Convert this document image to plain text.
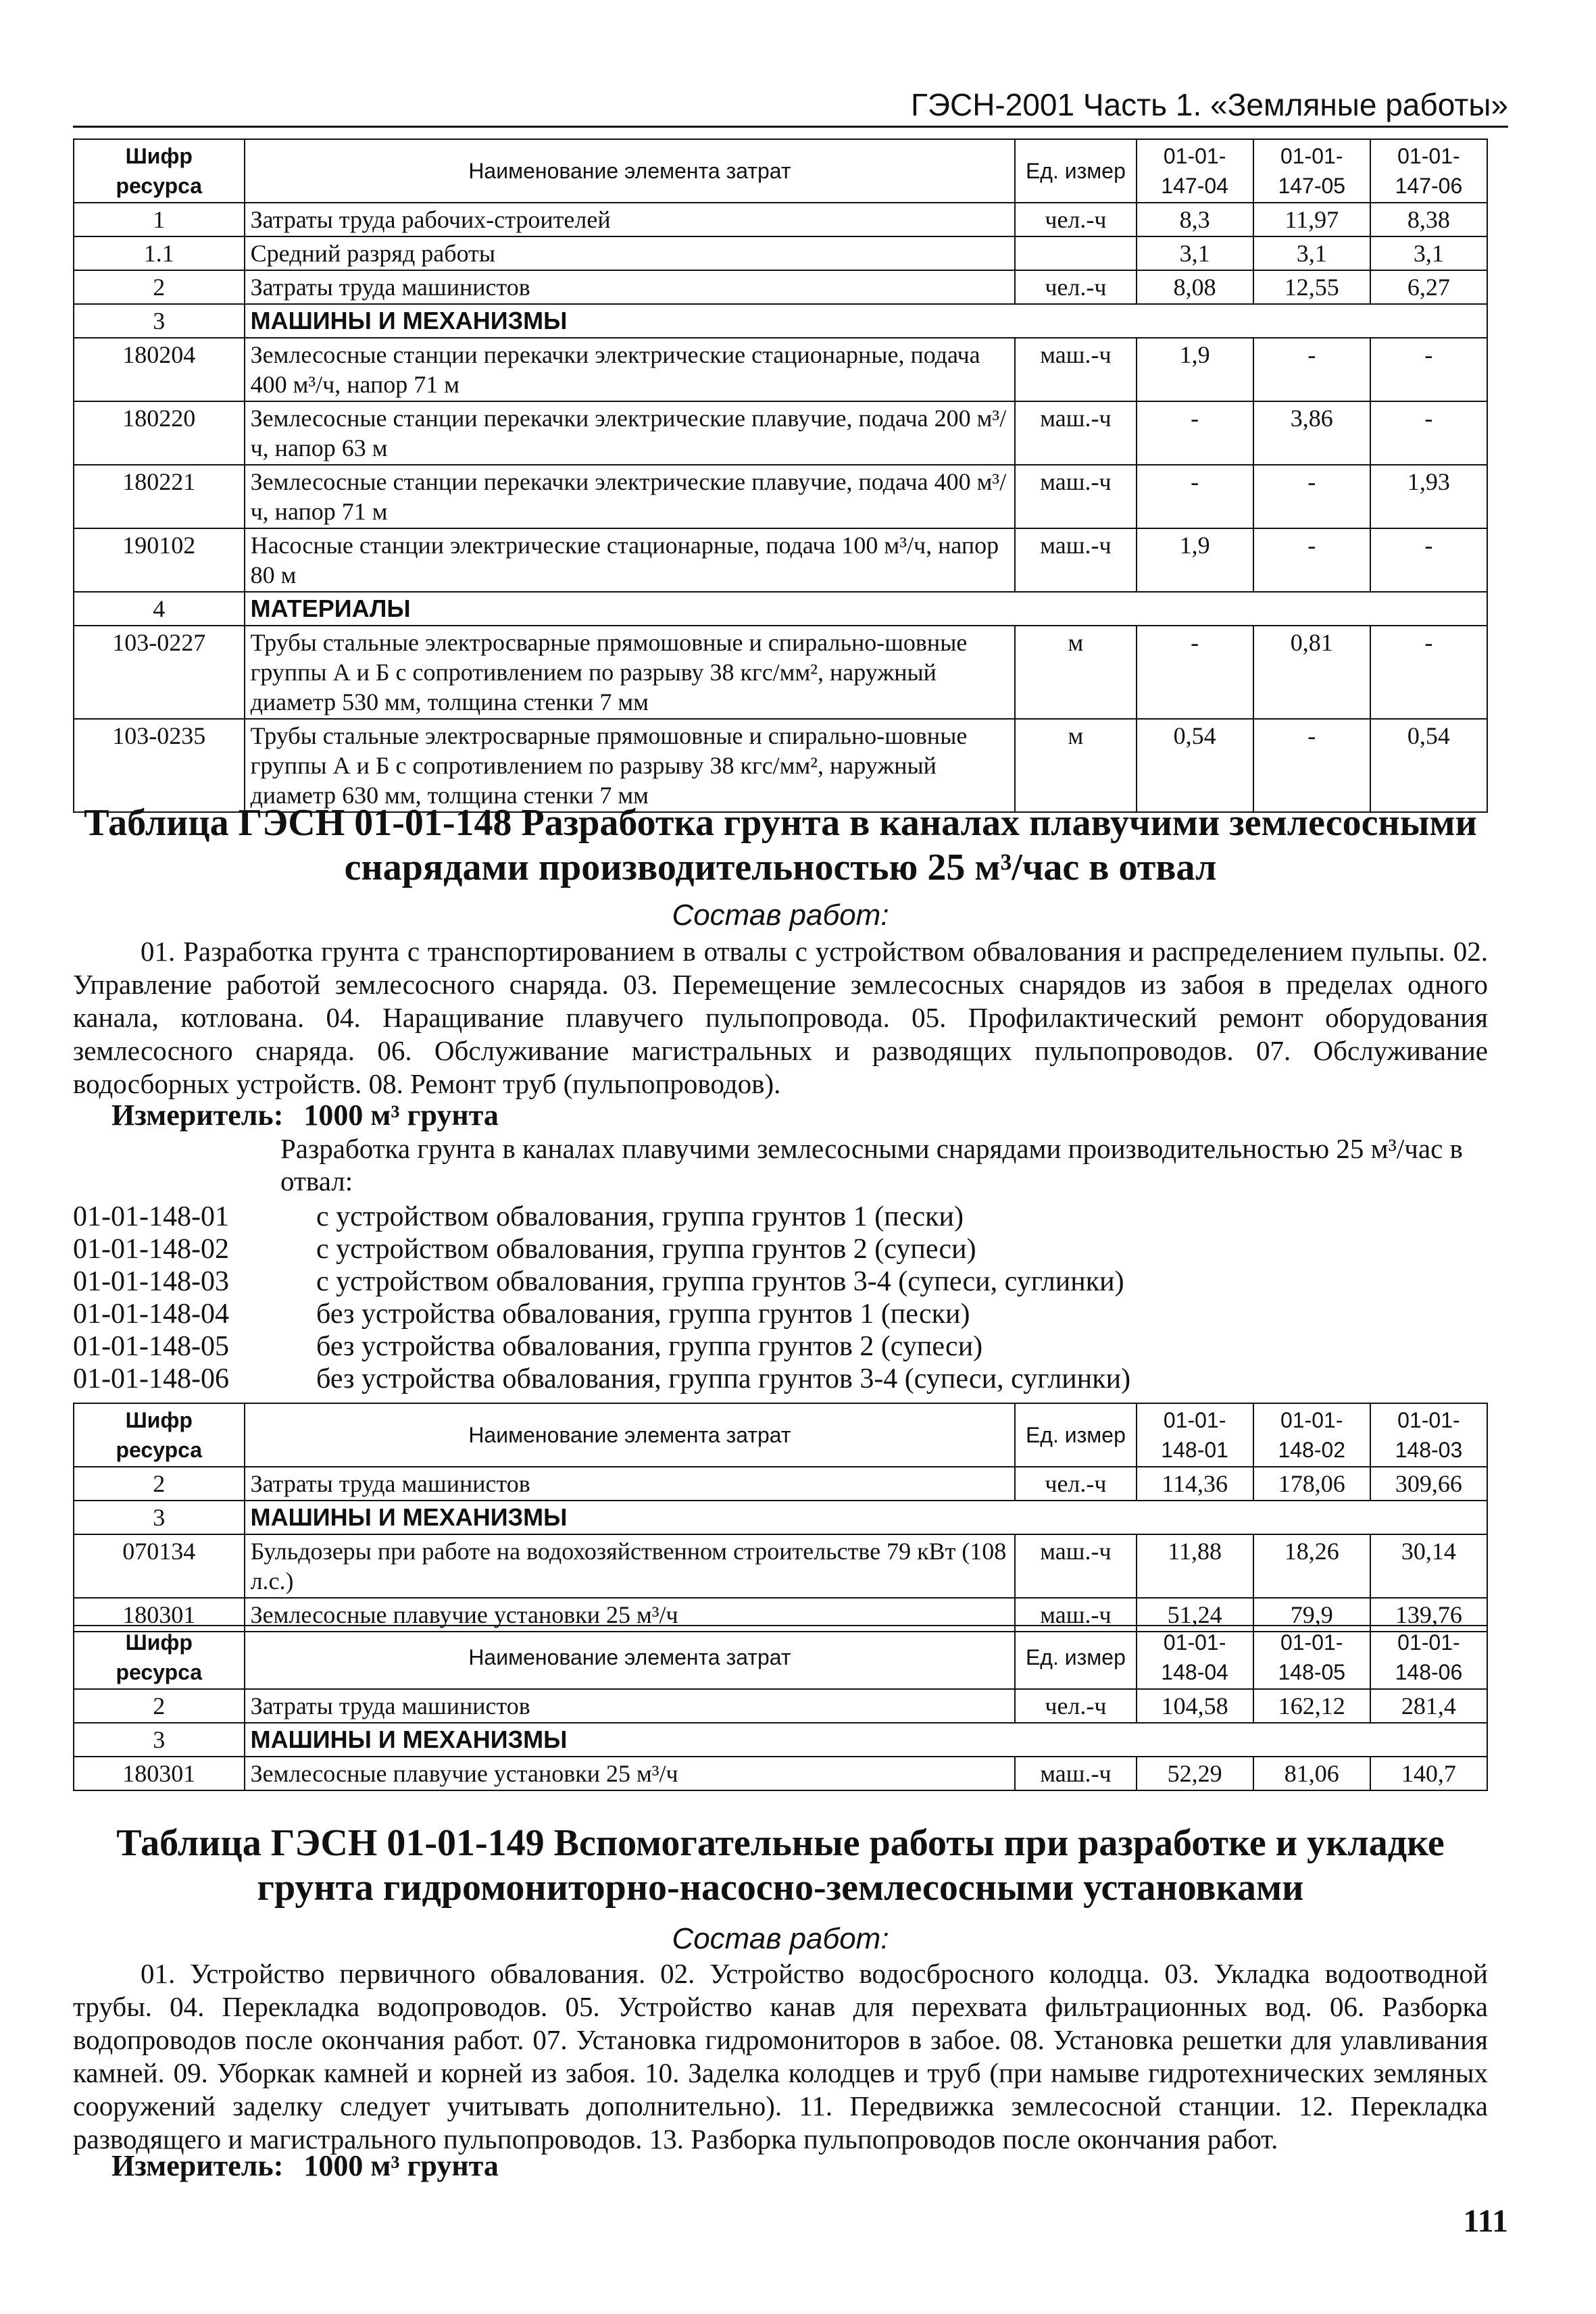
ГЭСН-2001 Часть 1. «Земляные работы»
Шифр ресурса	Наименование элемента затрат	Ед. измер	01-01-147-04	01-01-147-05	01-01-147-06
1	Затраты труда рабочих-строителей	чел.-ч	8,3	11,97	8,38
1.1	Средний разряд работы		3,1	3,1	3,1
2	Затраты труда машинистов	чел.-ч	8,08	12,55	6,27
3	МАШИНЫ И МЕХАНИЗМЫ				
180204	Землесосные станции перекачки электрические стационарные, подача 400 м³/ч, напор 71 м	маш.-ч	1,9	-	-
180220	Землесосные станции перекачки электрические плавучие, подача 200 м³/ч, напор 63 м	маш.-ч	-	3,86	-
180221	Землесосные станции перекачки электрические плавучие, подача 400 м³/ч, напор 71 м	маш.-ч	-	-	1,93
190102	Насосные станции электрические стационарные, подача 100 м³/ч, напор 80 м	маш.-ч	1,9	-	-
4	МАТЕРИАЛЫ				
103-0227	Трубы стальные электросварные прямошовные и спирально-шовные группы А и Б с сопротивлением по разрыву 38 кгс/мм², наружный диаметр 530 мм, толщина стенки 7 мм	м	-	0,81	-
103-0235	Трубы стальные электросварные прямошовные и спирально-шовные группы А и Б с сопротивлением по разрыву 38 кгс/мм², наружный диаметр 630 мм, толщина стенки 7 мм	м	0,54	-	0,54
Таблица ГЭСН 01-01-148 Разработка грунта в каналах плавучими землесосными снарядами производительностью 25 м³/час в отвал
Состав работ:
01. Разработка грунта с транспортированием в отвалы с устройством обвалования и распределением пульпы. 02. Управление работой землесосного снаряда. 03. Перемещение землесосных снарядов из забоя в пределах одного канала, котлована. 04. Наращивание плавучего пульпопровода. 05. Профилактический ремонт оборудования землесосного снаряда. 06. Обслуживание магистральных и разводящих пульпопроводов. 07. Обслуживание водосборных устройств. 08. Ремонт труб (пульпопроводов).
Измеритель: 1000 м³ грунта
Разработка грунта в каналах плавучими землесосными снарядами производительностью 25 м³/час в отвал:
01-01-148-01	с устройством обвалования, группа грунтов 1 (пески)
01-01-148-02	с устройством обвалования, группа грунтов 2 (супеси)
01-01-148-03	с устройством обвалования, группа грунтов 3-4 (супеси, суглинки)
01-01-148-04	без устройства обвалования, группа грунтов 1 (пески)
01-01-148-05	без устройства обвалования, группа грунтов 2 (супеси)
01-01-148-06	без устройства обвалования, группа грунтов 3-4 (супеси, суглинки)
Шифр ресурса	Наименование элемента затрат	Ед. измер	01-01-148-01	01-01-148-02	01-01-148-03
2	Затраты труда машинистов	чел.-ч	114,36	178,06	309,66
3	МАШИНЫ И МЕХАНИЗМЫ				
070134	Бульдозеры при работе на водохозяйственном строительстве 79 кВт (108 л.с.)	маш.-ч	11,88	18,26	30,14
180301	Землесосные плавучие установки 25 м³/ч	маш.-ч	51,24	79,9	139,76
Шифр ресурса	Наименование элемента затрат	Ед. измер	01-01-148-04	01-01-148-05	01-01-148-06
2	Затраты труда машинистов	чел.-ч	104,58	162,12	281,4
3	МАШИНЫ И МЕХАНИЗМЫ				
180301	Землесосные плавучие установки 25 м³/ч	маш.-ч	52,29	81,06	140,7
Таблица ГЭСН 01-01-149 Вспомогательные работы при разработке и укладке грунта гидромониторно-насосно-землесосными установками
Состав работ:
01. Устройство первичного обвалования. 02. Устройство водосбросного колодца. 03. Укладка водоотводной трубы. 04. Перекладка водопроводов. 05. Устройство канав для перехвата фильтрационных вод. 06. Разборка водопроводов после окончания работ. 07. Установка гидромониторов в забое. 08. Установка решетки для улавливания камней. 09. Уборкак камней и корней из забоя. 10. Заделка колодцев и труб (при намыве гидротехнических земляных сооружений заделку следует учитывать дополнительно). 11. Передвижка землесосной станции. 12. Перекладка разводящего и магистрального пульпопроводов. 13. Разборка пульпопроводов после окончания работ.
Измеритель: 1000 м³ грунта
111
